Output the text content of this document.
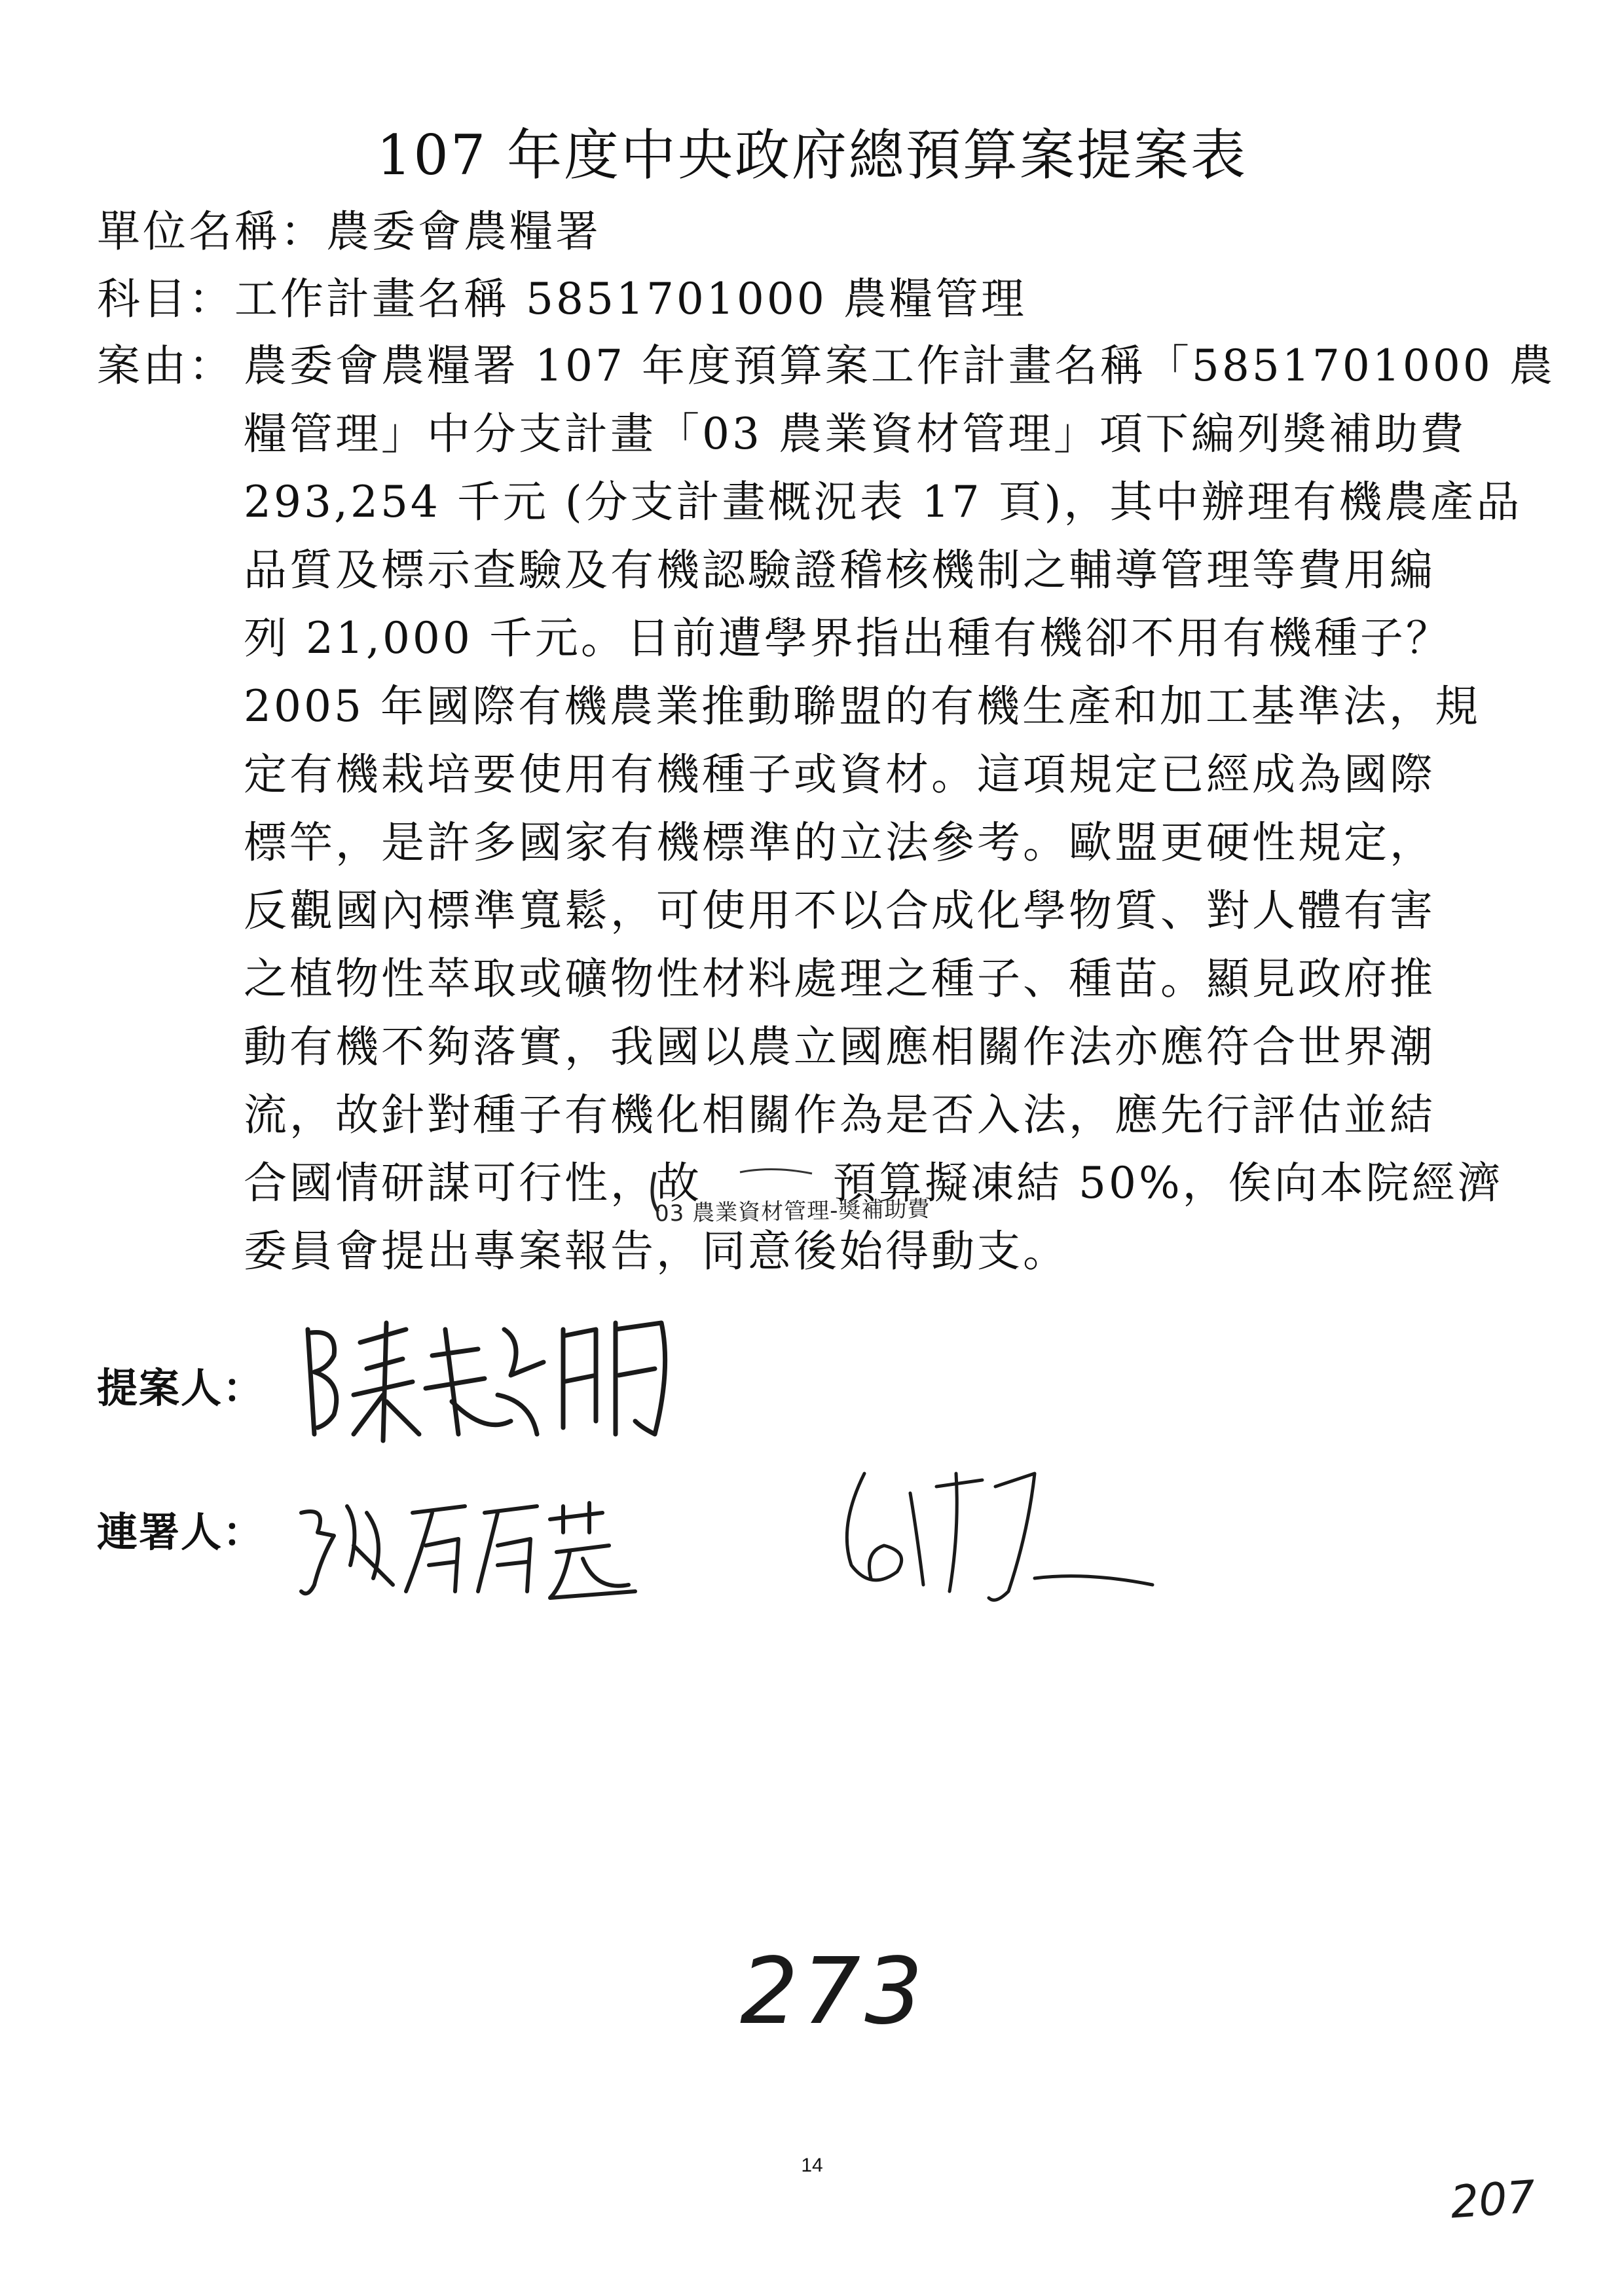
107 年度中央政府總預算案提案表
單位名稱：農委會農糧署
科目：工作計畫名稱 5851701000 農糧管理
案由： 農委會農糧署 107 年度預算案工作計畫名稱「5851701000 農
糧管理」中分支計畫「03 農業資材管理」項下編列獎補助費
293,254 千元 (分支計畫概況表 17 頁)，其中辦理有機農產品
品質及標示查驗及有機認驗證稽核機制之輔導管理等費用編
列 21,000 千元。日前遭學界指出種有機卻不用有機種子？
2005 年國際有機農業推動聯盟的有機生產和加工基準法，規
定有機栽培要使用有機種子或資材。這項規定已經成為國際
標竿，是許多國家有機標準的立法參考。歐盟更硬性規定，
反觀國內標準寬鬆，可使用不以合成化學物質、對人體有害
之植物性萃取或礦物性材料處理之種子、種苗。顯見政府推
動有機不夠落實，我國以農立國應相關作法亦應符合世界潮
流，故針對種子有機化相關作為是否入法，應先行評估並結
合國情研謀可行性，故	預算擬凍結 50%，俟向本院經濟
03 農業資材管理-獎補助費
委員會提出專案報告，同意後始得動支。
提案人：
連署人：
273
14
207
